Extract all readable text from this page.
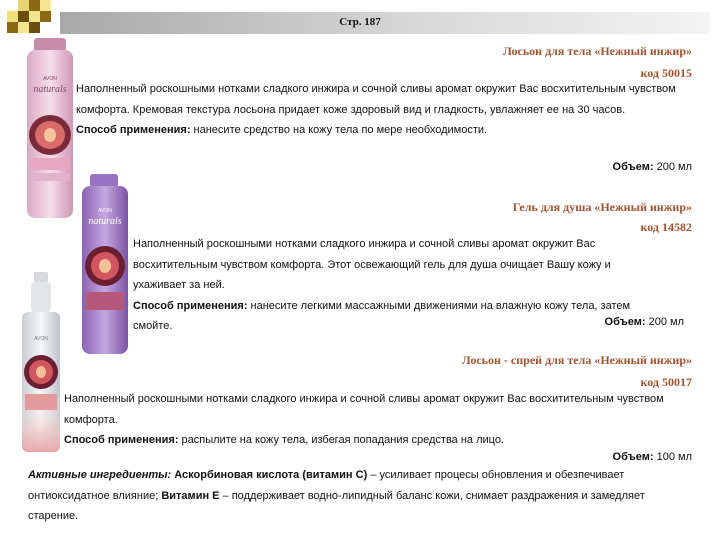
Стр. 187
AVON
naturals
AVON
naturals
AVON
Лосьон для тела «Нежный инжир»
код 50015

Наполненный роскошными нотками сладкого инжира и сочной сливы аромат окружит Вас восхитительным чувством комфорта. Кремовая текстура лосьона придает коже здоровый вид и гладкость, увлажняет ее на 30 часов.
Способ применения: нанесите средство на кожу тела по мере необходимости.

Объем: 200 мл
Гель для душа «Нежный инжир»
код 14582

Наполненный роскошными нотками сладкого инжира и сочной сливы аромат окружит Вас восхитительным чувством комфорта. Этот освежающий гель для душа очищает Вашу кожу и ухаживает за ней.
Способ применения: нанесите легкими массажными движениями на влажную кожу тела, затем смойте.	Объем: 200 мл
Лосьон - спрей для тела «Нежный инжир»
код 50017

Наполненный роскошными нотками сладкого инжира и сочной сливы аромат окружит Вас восхитительным чувством комфорта.
Способ применения: распылите на кожу тела, избегая попадания средства на лицо.

Объем: 100 мл

Активные ингредиенты: Аскорбиновая кислота (витамин С) – усиливает процесы обновления и обезпечивает онтиоксидатное влияние; Витамин Е – поддерживает водно-липидный баланс кожи, снимает раздражения и замедляет старение.
